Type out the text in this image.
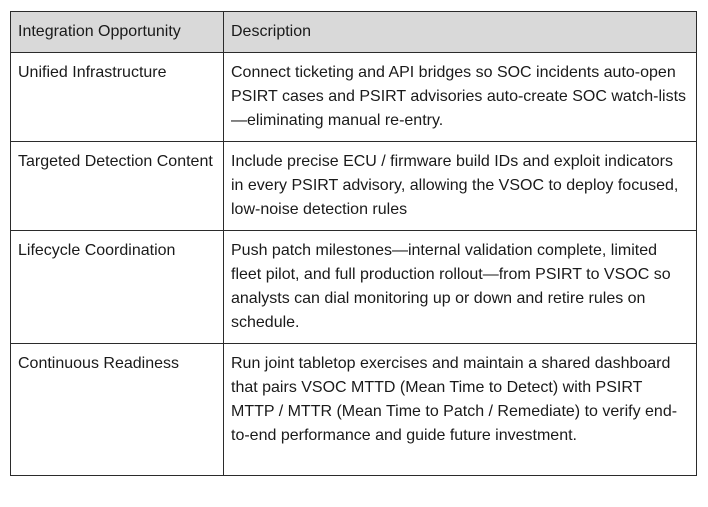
Integration Opportunity	Description
Unified Infrastructure	Connect ticketing and API bridges so SOC incidents auto-open PSIRT cases and PSIRT advisories auto-create SOC watch-lists—eliminating manual re-entry.
Targeted Detection Content	Include precise ECU / firmware build IDs and exploit indicators in every PSIRT advisory, allowing the VSOC to deploy focused, low-noise detection rules
Lifecycle Coordination	Push patch milestones—internal validation complete, limited fleet pilot, and full production rollout—from PSIRT to VSOC so analysts can dial monitoring up or down and retire rules on schedule.
Continuous Readiness	Run joint tabletop exercises and maintain a shared dashboard that pairs VSOC MTTD (Mean Time to Detect) with PSIRT MTTP / MTTR (Mean Time to Patch / Remediate) to verify end-to-end performance and guide future investment.
